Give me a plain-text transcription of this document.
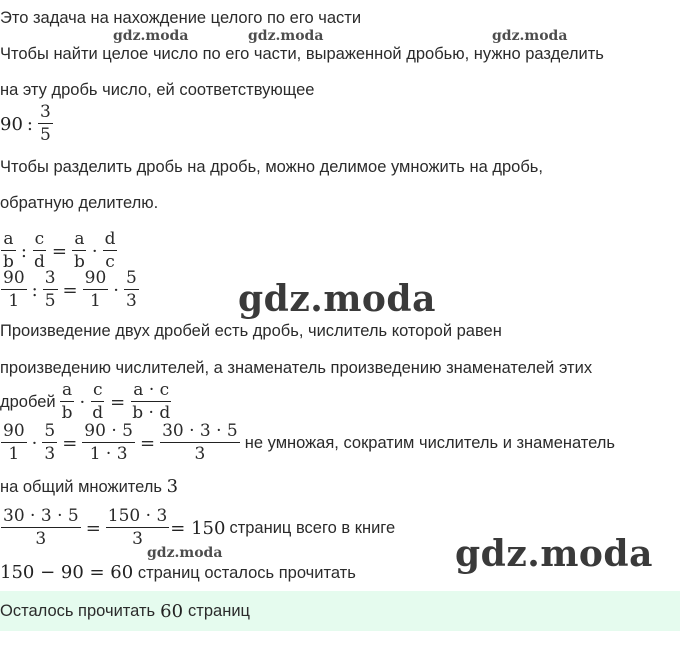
gdz.moda	gdz.moda	gdz.moda
gdz.moda
gdz.moda
gdz.moda
Это задача на нахождение целого по его части
Чтобы найти целое число по его части, выраженной дробью, нужно разделить
на эту дробь число, ей соответствующее
90 : $\frac{3}{5}$
Чтобы разделить дробь на дробь, можно делимое умножить на дробь,
обратную делителю.
$\frac{a}{b}$ : $\frac{c}{d} = \frac{a}{b} \cdot \frac{d}{c}$
$\frac{90}{1}$ : $\frac{3}{5} = \frac{90}{1} \cdot \frac{5}{3}$
Произведение двух дробей есть дробь, числитель которой равен
произведению числителей, а знаменатель произведению знаменателей этих
дробей $\frac{a}{b} \cdot \frac{c}{d} = \frac{a \cdot c}{b \cdot d}$
$\frac{90}{1} \cdot \frac{5}{3} = \frac{90 \cdot 5}{1 \cdot 3} = \frac{30 \cdot 3 \cdot 5}{3}$ не умножая, сократим числитель и знаменатель
на общий множитель 3
$\frac{30 \cdot 3 \cdot 5}{3} = \frac{150 \cdot 3}{3} = 150$ страниц всего в книге
150 − 90 = 60 страниц осталось прочитать
Осталось прочитать 60 страниц
